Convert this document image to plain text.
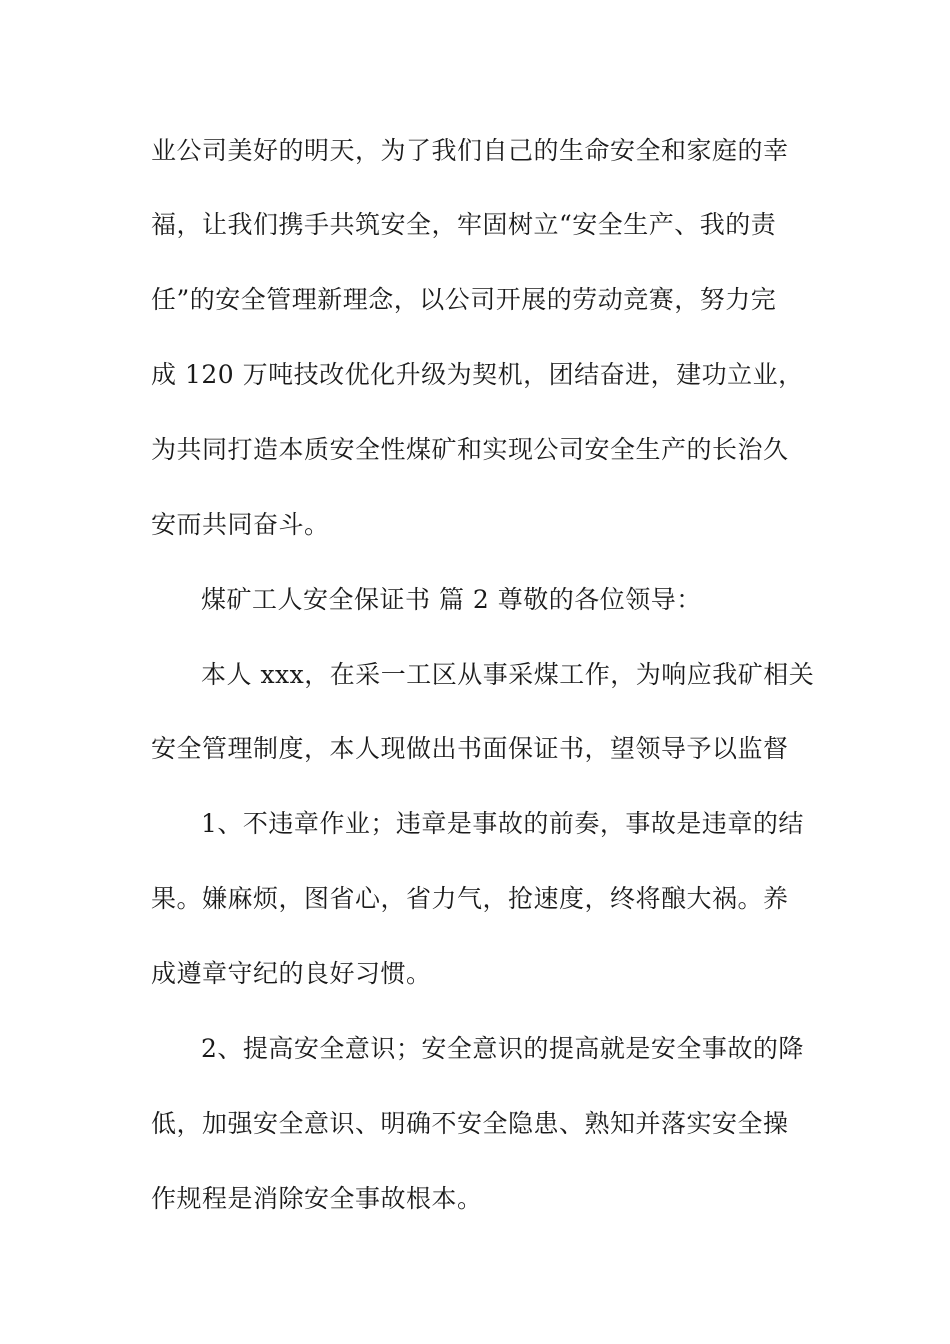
业公司美好的明天，为了我们自己的生命安全和家庭的幸
福，让我们携手共筑安全，牢固树立“安全生产、我的责
任”的安全管理新理念，以公司开展的劳动竞赛，努力完
成 120 万吨技改优化升级为契机，团结奋进，建功立业，
为共同打造本质安全性煤矿和实现公司安全生产的长治久
安而共同奋斗。
煤矿工人安全保证书 篇 2 尊敬的各位领导：
本人 xxx，在采一工区从事采煤工作，为响应我矿相关
安全管理制度，本人现做出书面保证书，望领导予以监督
1、不违章作业；违章是事故的前奏，事故是违章的结
果。嫌麻烦，图省心，省力气，抢速度，终将酿大祸。养
成遵章守纪的良好习惯。
2、提高安全意识；安全意识的提高就是安全事故的降
低，加强安全意识、明确不安全隐患、熟知并落实安全操
作规程是消除安全事故根本。
